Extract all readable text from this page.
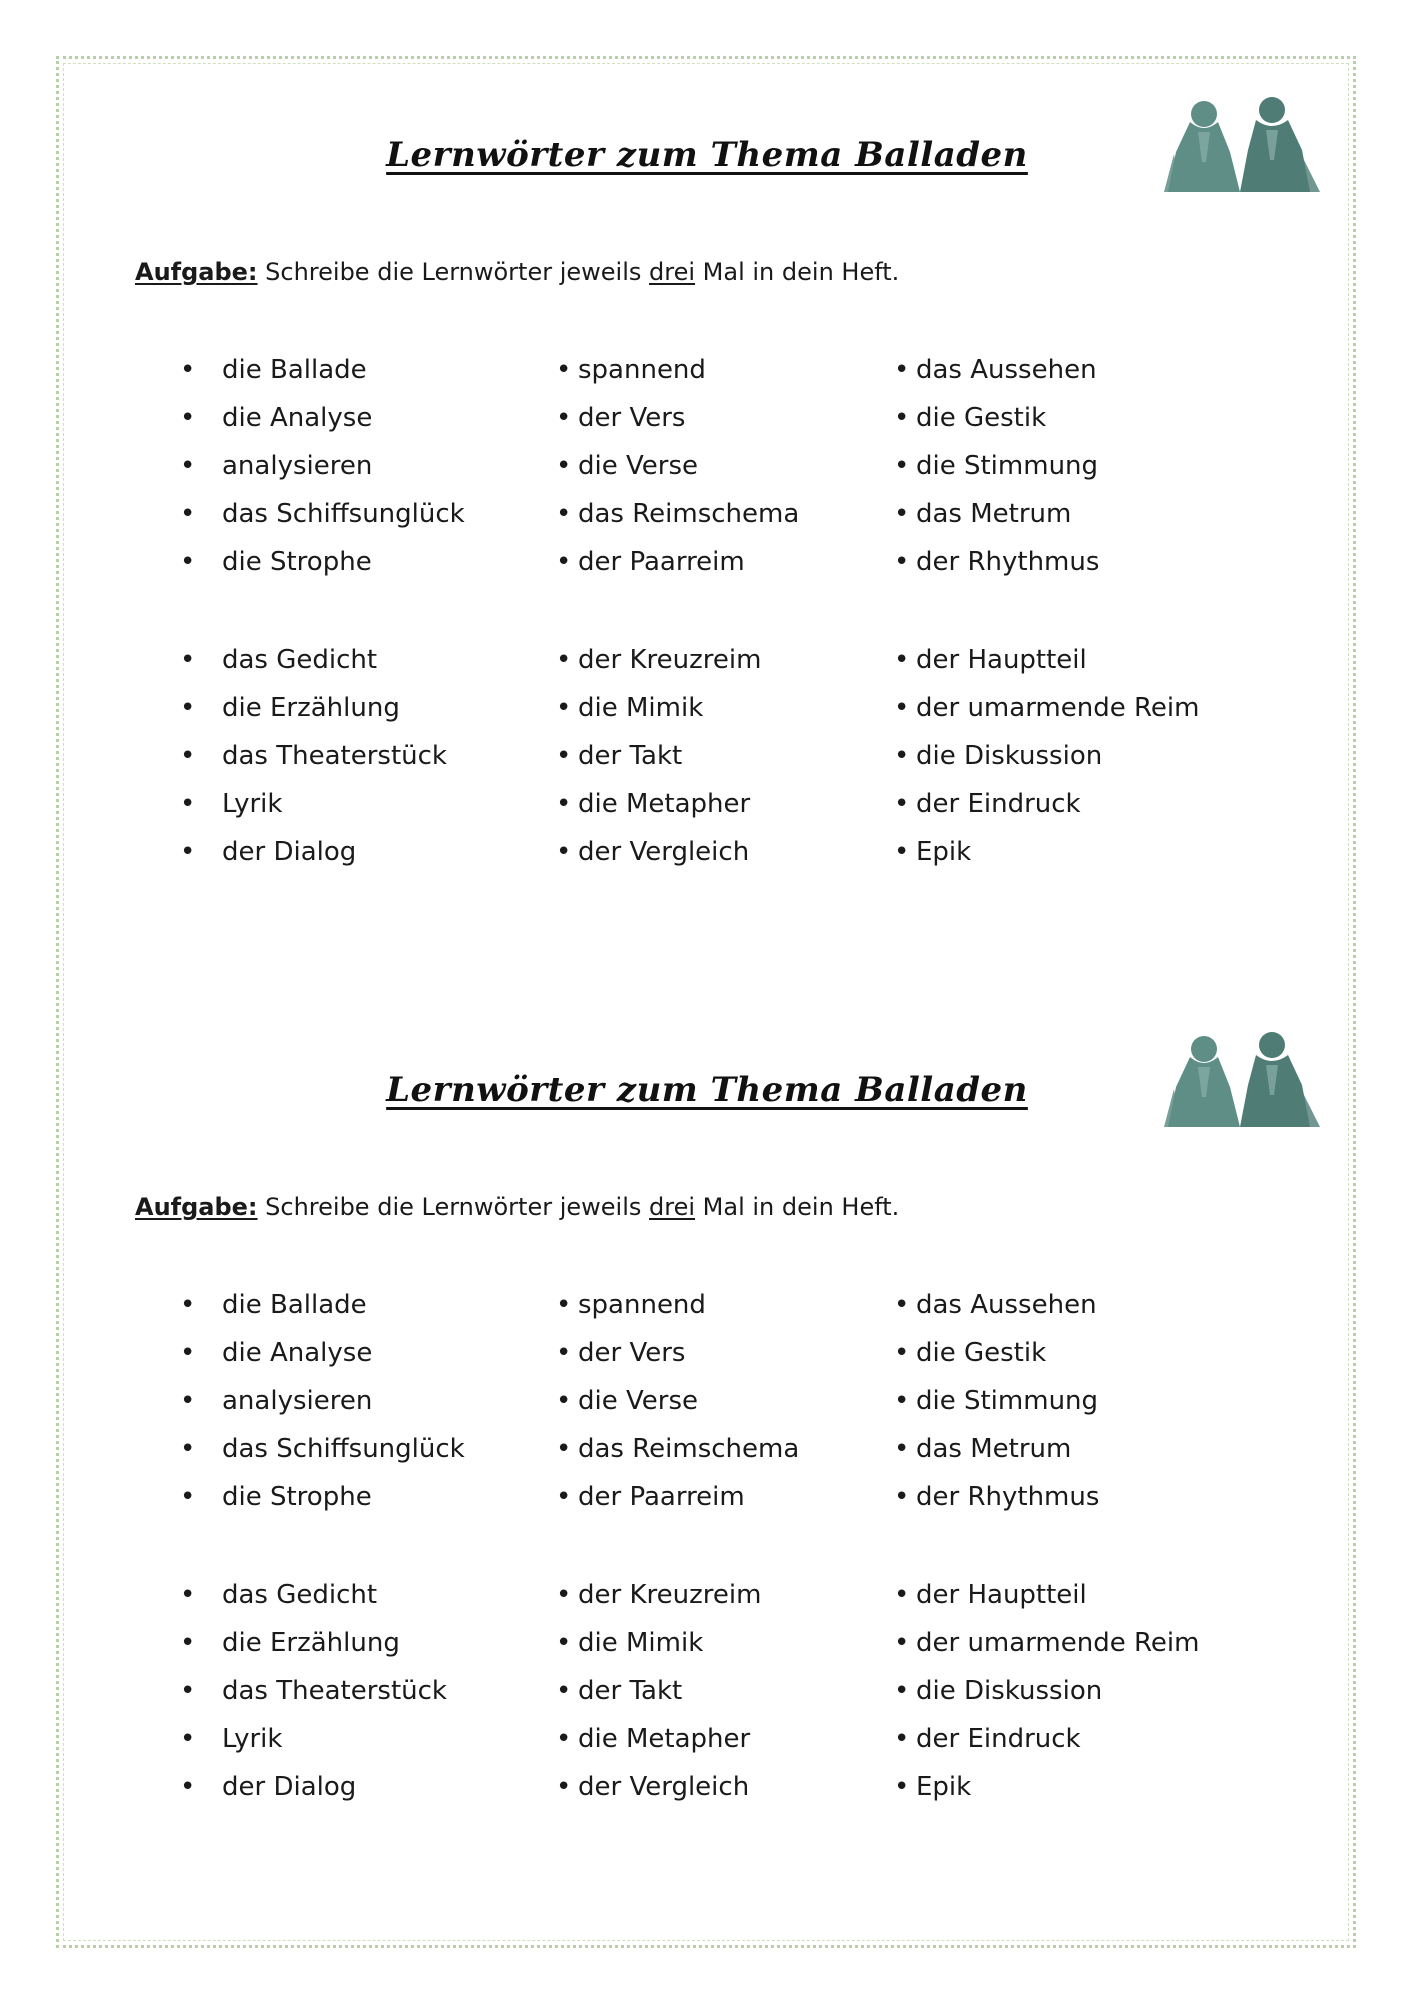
Lernwörter zum Thema Balladen

Aufgabe: Schreibe die Lernwörter jeweils drei Mal in dein Heft.

• die Ballade
• die Analyse
• analysieren
• das Schiffsunglück
• die Strophe
• spannend
• der Vers
• die Verse
• das Reimschema
• der Paarreim
• das Aussehen
• die Gestik
• die Stimmung
• das Metrum
• der Rhythmus
• das Gedicht
• die Erzählung
• das Theaterstück
• Lyrik
• der Dialog
• der Kreuzreim
• die Mimik
• der Takt
• die Metapher
• der Vergleich
• der Hauptteil
• der umarmende Reim
• die Diskussion
• der Eindruck
• Epik
Lernwörter zum Thema Balladen

Aufgabe: Schreibe die Lernwörter jeweils drei Mal in dein Heft.

• die Ballade
• die Analyse
• analysieren
• das Schiffsunglück
• die Strophe
• spannend
• der Vers
• die Verse
• das Reimschema
• der Paarreim
• das Aussehen
• die Gestik
• die Stimmung
• das Metrum
• der Rhythmus
• das Gedicht
• die Erzählung
• das Theaterstück
• Lyrik
• der Dialog
• der Kreuzreim
• die Mimik
• der Takt
• die Metapher
• der Vergleich
• der Hauptteil
• der umarmende Reim
• die Diskussion
• der Eindruck
• Epik
